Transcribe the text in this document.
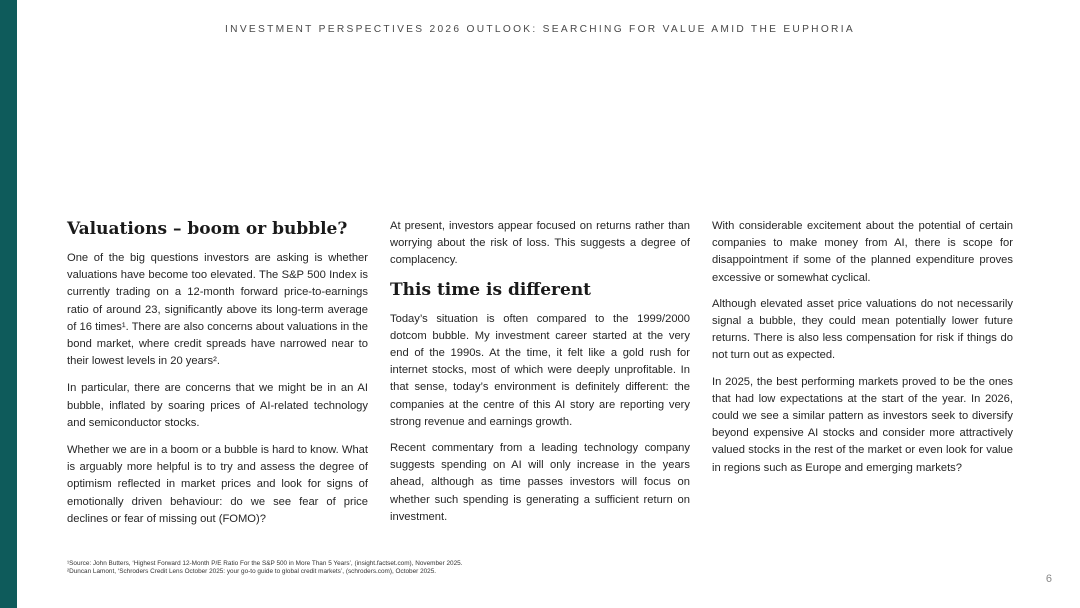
INVESTMENT PERSPECTIVES 2026 OUTLOOK: SEARCHING FOR VALUE AMID THE EUPHORIA
Valuations – boom or bubble?

One of the big questions investors are asking is whether valuations have become too elevated. The S&P 500 Index is currently trading on a 12-month forward price-to-earnings ratio of around 23, significantly above its long-term average of 16 times¹. There are also concerns about valuations in the bond market, where credit spreads have narrowed near to their lowest levels in 20 years².

In particular, there are concerns that we might be in an AI bubble, inflated by soaring prices of AI-related technology and semiconductor stocks.

Whether we are in a boom or a bubble is hard to know. What is arguably more helpful is to try and assess the degree of optimism reflected in market prices and look for signs of emotionally driven behaviour: do we see fear of price declines or fear of missing out (FOMO)?

At present, investors appear focused on returns rather than worrying about the risk of loss. This suggests a degree of complacency.

This time is different

Today’s situation is often compared to the 1999/2000 dotcom bubble. My investment career started at the very end of the 1990s. At the time, it felt like a gold rush for internet stocks, most of which were deeply unprofitable. In that sense, today’s environment is definitely different: the companies at the centre of this AI story are reporting very strong revenue and earnings growth.

Recent commentary from a leading technology company suggests spending on AI will only increase in the years ahead, although as time passes investors will focus on whether such spending is generating a sufficient return on investment.

With considerable excitement about the potential of certain companies to make money from AI, there is scope for disappointment if some of the planned expenditure proves excessive or somewhat cyclical.

Although elevated asset price valuations do not necessarily signal a bubble, they could mean potentially lower future returns. There is also less compensation for risk if things do not turn out as expected.

In 2025, the best performing markets proved to be the ones that had low expectations at the start of the year. In 2026, could we see a similar pattern as investors seek to diversify beyond expensive AI stocks and consider more attractively valued stocks in the rest of the market or even look for value in regions such as Europe and emerging markets?

¹Source: John Butters, ‘Highest Forward 12-Month P/E Ratio For the S&P 500 in More Than 5 Years’, (insight.factset.com), November 2025.
²Duncan Lamont, ‘Schroders Credit Lens October 2025: your go-to guide to global credit markets’, (schroders.com), October 2025.
6
